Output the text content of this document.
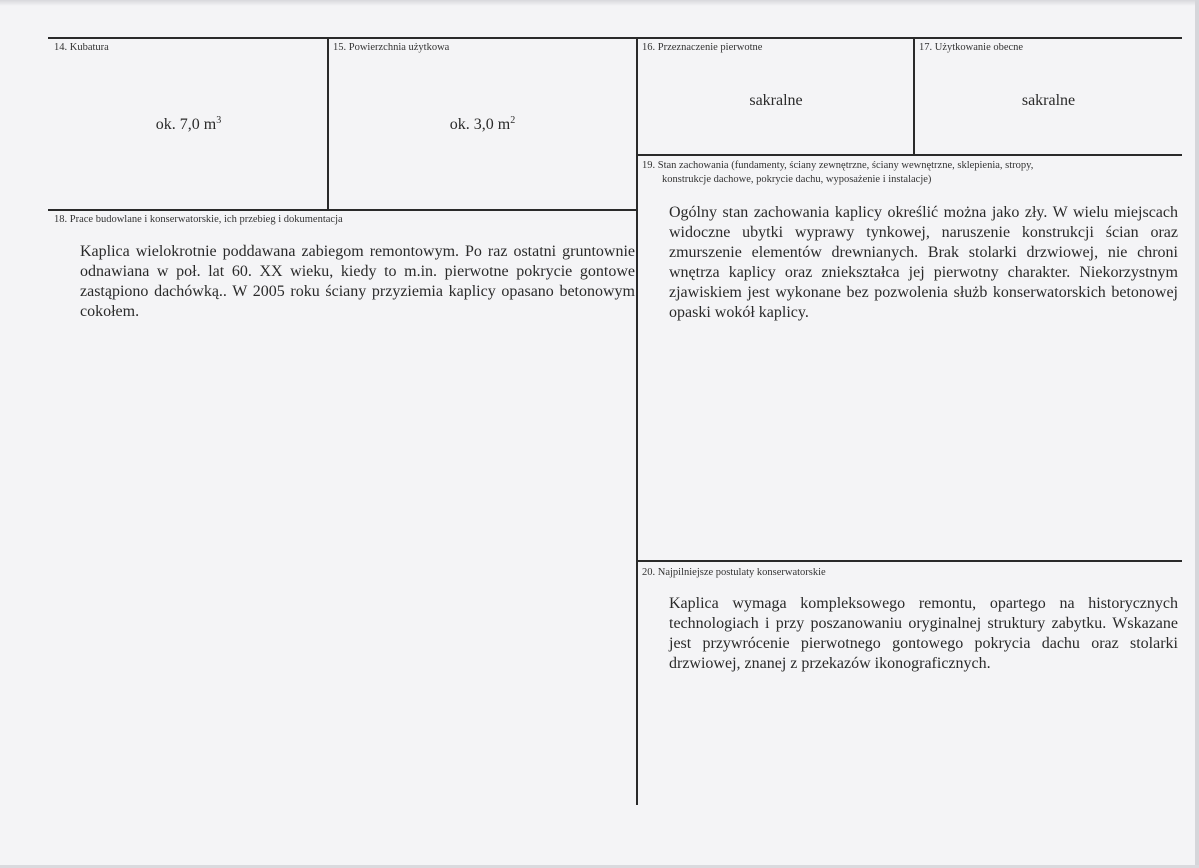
14. Kubatura
ok. 7,0 $m^3$
15. Powierzchnia użytkowa
ok. 3,0 $m^2$
16. Przeznaczenie pierwotne
sakralne
17. Użytkowanie obecne
sakralne
18. Prace budowlane i konserwatorskie, ich przebieg i dokumentacja
Kaplica wielokrotnie poddawana zabiegom remontowym. Po raz ostatni gruntownie odnawiana w poł. lat 60. XX wieku, kiedy to m.in. pierwotne pokrycie gontowe zastąpiono dachówką.. W 2005 roku ściany przyziemia kaplicy opasano betonowym cokołem.
19. Stan zachowania (fundamenty, ściany zewnętrzne, ściany wewnętrzne, sklepienia, stropy,
konstrukcje dachowe, pokrycie dachu, wyposażenie i instalacje)
Ogólny stan zachowania kaplicy określić można jako zły. W wielu miejscach widoczne ubytki wyprawy tynkowej, naruszenie konstrukcji ścian oraz zmurszenie elementów drewnianych. Brak stolarki drzwiowej, nie chroni wnętrza kaplicy oraz zniekształca jej pierwotny charakter. Niekorzystnym zjawiskiem jest wykonane bez pozwolenia służb konserwatorskich betonowej opaski wokół kaplicy.
20. Najpilniejsze postulaty konserwatorskie
Kaplica wymaga kompleksowego remontu, opartego na historycznych technologiach i przy poszanowaniu oryginalnej struktury zabytku. Wskazane jest przywrócenie pierwotnego gontowego pokrycia dachu oraz stolarki drzwiowej, znanej z przekazów ikonograficznych.
